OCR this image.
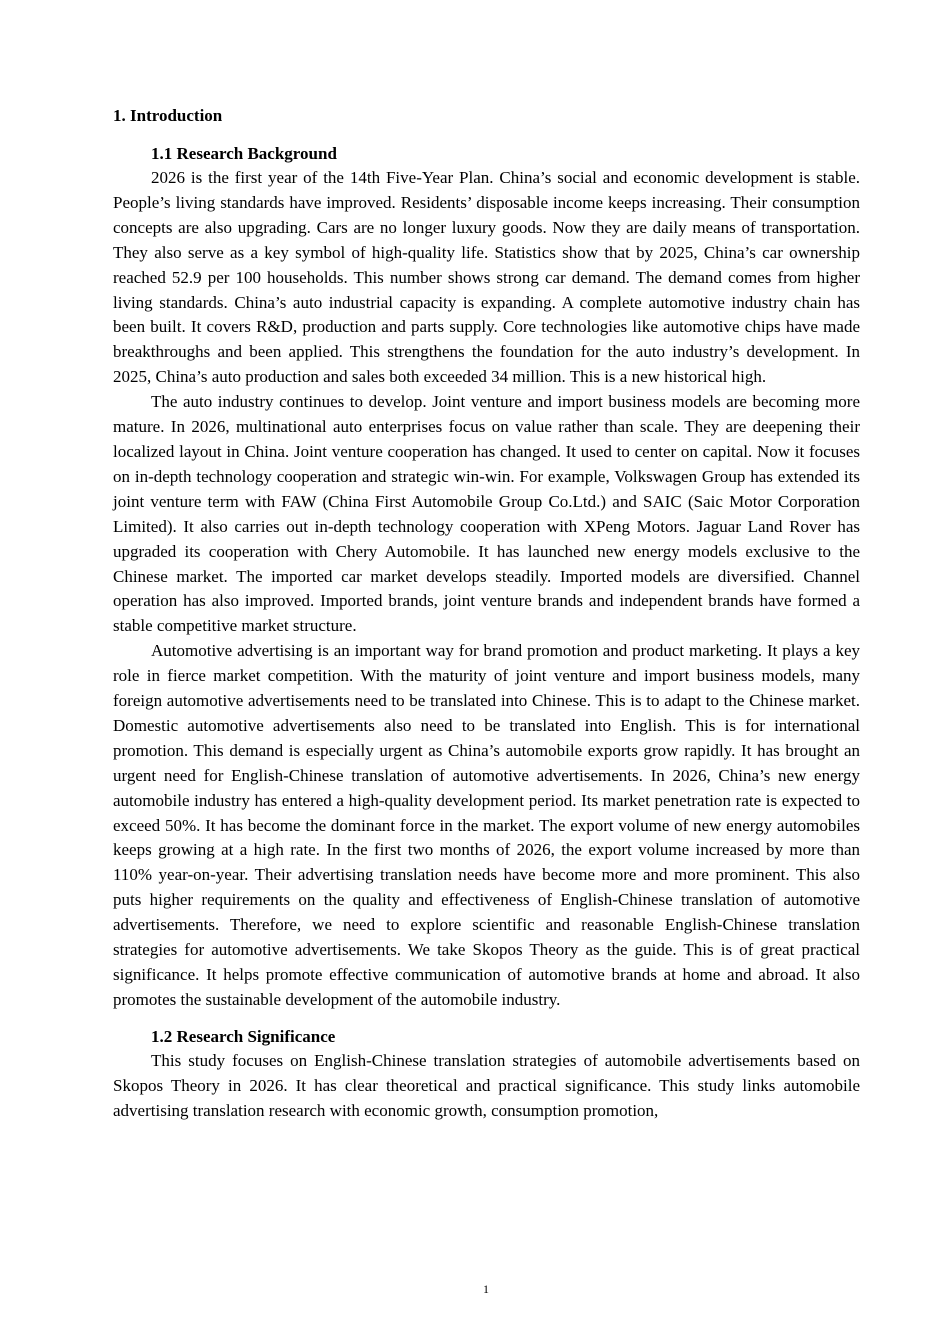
1. Introduction
1.1 Research Background

2026 is the first year of the 14th Five-Year Plan. China’s social and economic development is stable. People’s living standards have improved. Residents’ disposable income keeps increasing. Their consumption concepts are also upgrading. Cars are no longer luxury goods. Now they are daily means of transportation. They also serve as a key symbol of high-quality life. Statistics show that by 2025, China’s car ownership reached 52.9 per 100 households. This number shows strong car demand. The demand comes from higher living standards. China’s auto industrial capacity is expanding. A complete automotive industry chain has been built. It covers R&D, production and parts supply. Core technologies like automotive chips have made breakthroughs and been applied. This strengthens the foundation for the auto industry’s development. In 2025, China’s auto production and sales both exceeded 34 million. This is a new historical high.

The auto industry continues to develop. Joint venture and import business models are becoming more mature. In 2026, multinational auto enterprises focus on value rather than scale. They are deepening their localized layout in China. Joint venture cooperation has changed. It used to center on capital. Now it focuses on in-depth technology cooperation and strategic win-win. For example, Volkswagen Group has extended its joint venture term with FAW (China First Automobile Group Co.Ltd.) and SAIC (Saic Motor Corporation Limited). It also carries out in-depth technology cooperation with XPeng Motors. Jaguar Land Rover has upgraded its cooperation with Chery Automobile. It has launched new energy models exclusive to the Chinese market. The imported car market develops steadily. Imported models are diversified. Channel operation has also improved. Imported brands, joint venture brands and independent brands have formed a stable competitive market structure.

Automotive advertising is an important way for brand promotion and product marketing. It plays a key role in fierce market competition. With the maturity of joint venture and import business models, many foreign automotive advertisements need to be translated into Chinese. This is to adapt to the Chinese market. Domestic automotive advertisements also need to be translated into English. This is for international promotion. This demand is especially urgent as China’s automobile exports grow rapidly. It has brought an urgent need for English-Chinese translation of automotive advertisements. In 2026, China’s new energy automobile industry has entered a high-quality development period. Its market penetration rate is expected to exceed 50%. It has become the dominant force in the market. The export volume of new energy automobiles keeps growing at a high rate. In the first two months of 2026, the export volume increased by more than 110% year-on-year. Their advertising translation needs have become more and more prominent. This also puts higher requirements on the quality and effectiveness of English-Chinese translation of automotive advertisements. Therefore, we need to explore scientific and reasonable English-Chinese translation strategies for automotive advertisements. We take Skopos Theory as the guide. This is of great practical significance. It helps promote effective communication of automotive brands at home and abroad. It also promotes the sustainable development of the automobile industry.

1.2 Research Significance

This study focuses on English-Chinese translation strategies of automobile advertisements based on Skopos Theory in 2026. It has clear theoretical and practical significance. This study links automobile advertising translation research with economic growth, consumption promotion,

1
